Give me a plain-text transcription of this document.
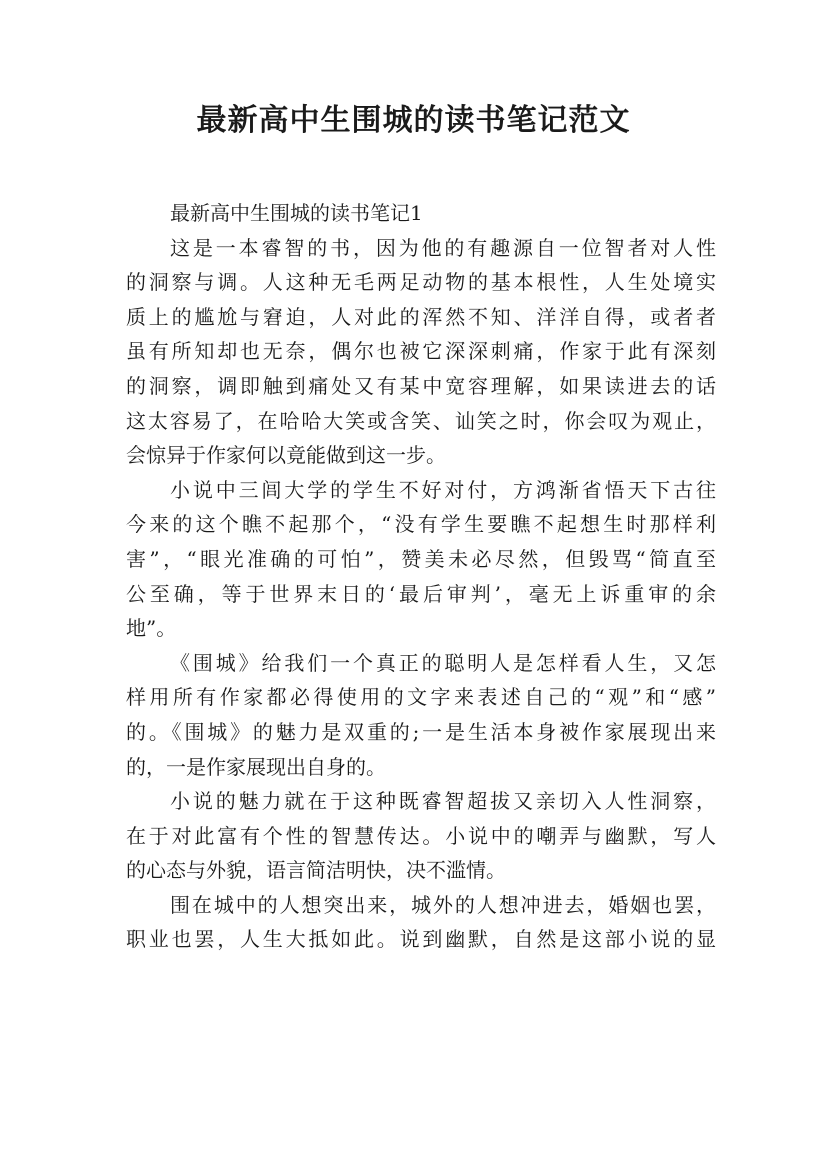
最新高中生围城的读书笔记范文
最新高中生围城的读书笔记1
这是一本睿智的书，因为他的有趣源自一位智者对人性
的洞察与调。人这种无毛两足动物的基本根性，人生处境实
质上的尴尬与窘迫，人对此的浑然不知、洋洋自得，或者者
虽有所知却也无奈，偶尔也被它深深刺痛，作家于此有深刻
的洞察，调即触到痛处又有某中宽容理解，如果读进去的话
这太容易了，在哈哈大笑或含笑、讪笑之时，你会叹为观止，
会惊异于作家何以竟能做到这一步。
小说中三闾大学的学生不好对付，方鸿渐省悟天下古往
今来的这个瞧不起那个，“没有学生要瞧不起想生时那样利
害”，“眼光准确的可怕”，赞美未必尽然，但毁骂“简直至
公至确，等于世界末日的‘最后审判’，毫无上诉重审的余
地”。
《围城》给我们一个真正的聪明人是怎样看人生，又怎
样用所有作家都必得使用的文字来表述自己的“观”和“感”
的。《围城》的魅力是双重的;一是生活本身被作家展现出来
的，一是作家展现出自身的。
小说的魅力就在于这种既睿智超拔又亲切入人性洞察，
在于对此富有个性的智慧传达。小说中的嘲弄与幽默，写人
的心态与外貌，语言简洁明快，决不滥情。
围在城中的人想突出来，城外的人想冲进去，婚姻也罢，
职业也罢，人生大抵如此。说到幽默，自然是这部小说的显
